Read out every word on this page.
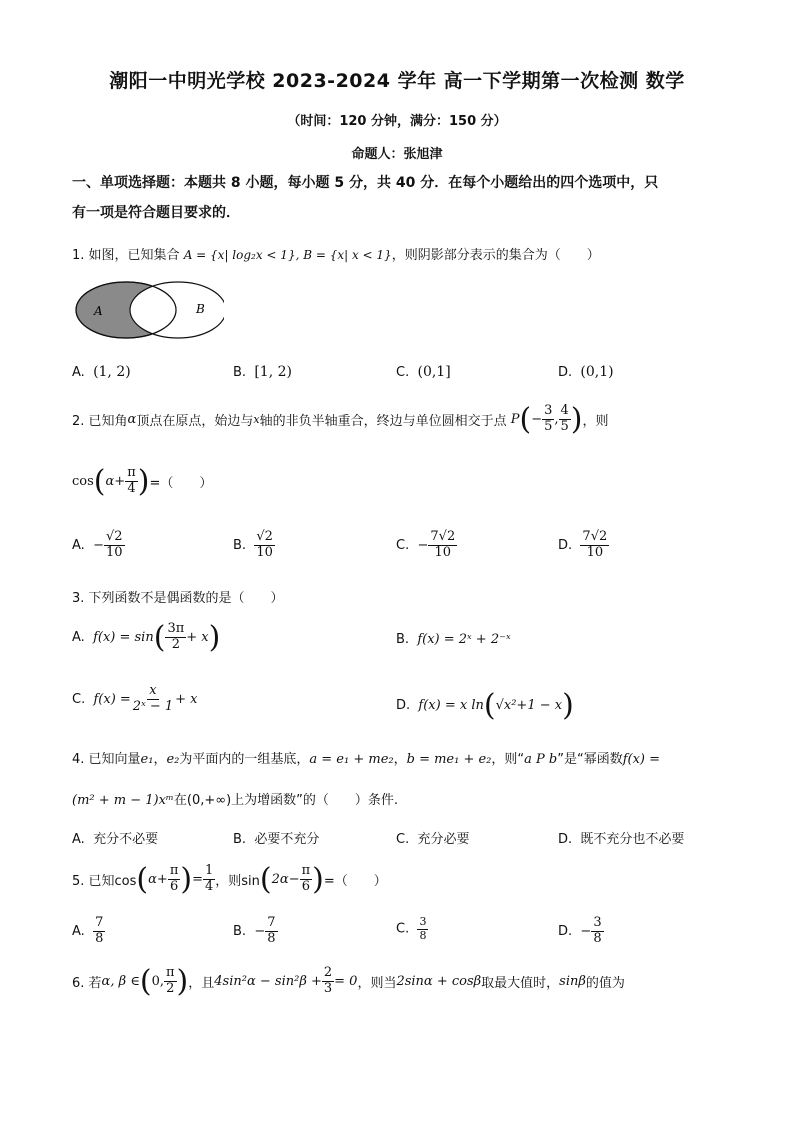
潮阳一中明光学校 2023-2024 学年 高一下学期第一次检测 数学
（时间：120 分钟，满分：150 分）
命题人：张旭津
一、单项选择题：本题共 8 小题，每小题 5 分，共 40 分．在每个小题给出的四个选项中，只
有一项是符合题目要求的．
1. 如图，已知集合 A = {x| log₂x < 1}, B = {x| x < 1}，则阴影部分表示的集合为（　　）
A	B
A. (1, 2)	B. [1, 2)	C. (0,1]	D. (0,1)
2. 已知角α顶点在原点，始边与x轴的非负半轴重合，终边与单位圆相交于点 $P(- \frac{3}{5}$ , $\frac{4}{5}$ )，则
$\cos(\alpha+ \frac{\pi}{4}$ )=（　　）
A. − $\frac{√2}{10}$	B. $\frac{√2}{10}$	C. − $\frac{7√2}{10}$	D. $\frac{7√2}{10}$
3. 下列函数不是偶函数的是（　　）
A. $f(x) = \sin( \frac{3\pi}{2} + x)$	B. f(x) = 2ˣ + 2⁻ˣ
C. $f(x) = \frac{x}{\text{2ˣ − 1}} + x$	D. f(x) = x ln(√x²+1 − x)
4. 已知向量e₁，e₂为平面内的一组基底，a = e₁ + me₂，b = me₁ + e₂，则“a P b”是“幂函数f(x) =
(m² + m − 1)xᵐ在(0,+∞)上为增函数”的（　　）条件.
A. 充分不必要	B. 必要不充分	C. 充分必要	D. 既不充分也不必要
5. 已知$\cos(\alpha+ \frac{\pi}{6}$ )= $\frac{1}{4}$ ，则$\sin(2\alpha- \frac{\pi}{6}$ )=（　　）
A. $\frac{7}{8}$	B. − $\frac{7}{8}$	C. $\frac{3}{8}$	D. − $\frac{3}{8}$
6. 若α, β ∈(0, $\frac{\pi}{2}$ )，且$4\sin^2\alpha - \sin^2\beta + \frac{2}{3} = 0$，则当2sinα + cosβ取最大值时，sinβ的值为
